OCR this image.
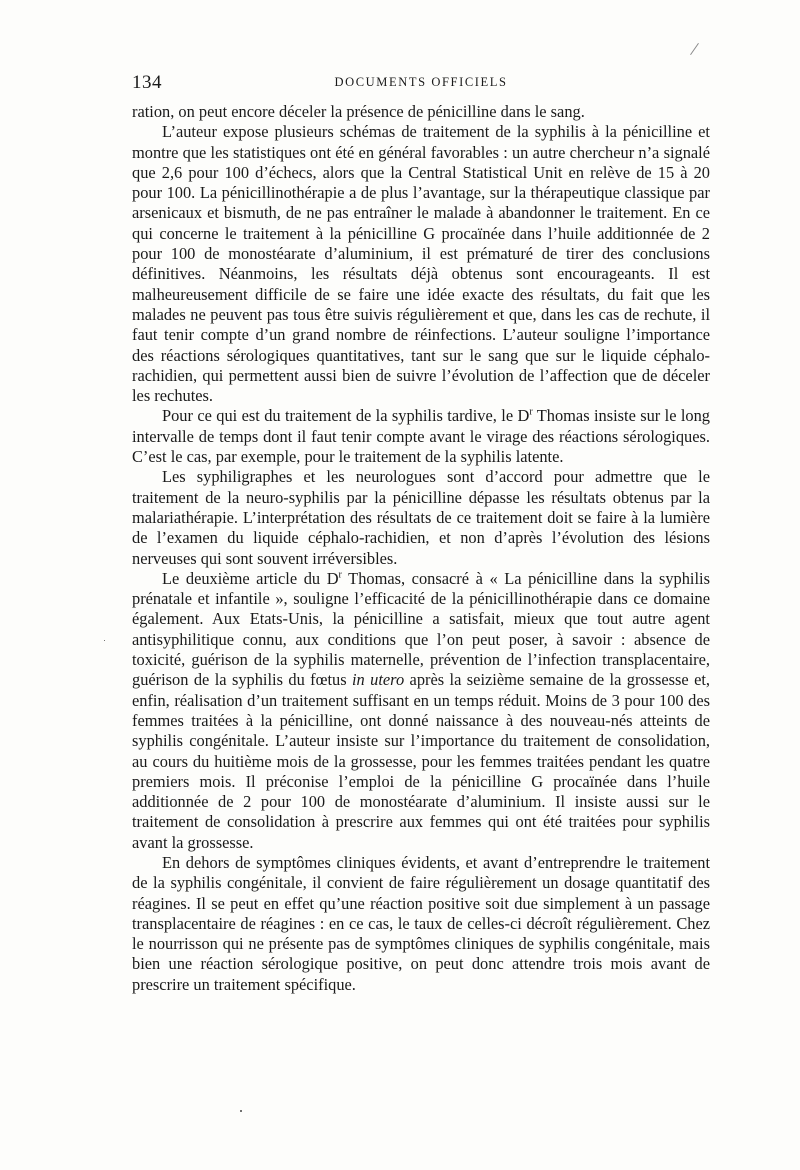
134	DOCUMENTS OFFICIELS

ration, on peut encore déceler la présence de pénicilline dans le sang.

L’auteur expose plusieurs schémas de traitement de la syphilis à la pénicilline et montre que les statistiques ont été en général favorables : un autre chercheur n’a signalé que 2,6 pour 100 d’échecs, alors que la Central Statistical Unit en relève de 15 à 20 pour 100. La pénicillinothérapie a de plus l’avantage, sur la thérapeutique classique par arsenicaux et bismuth, de ne pas entraîner le malade à abandonner le traitement. En ce qui concerne le traitement à la pénicilline G procaïnée dans l’huile additionnée de 2 pour 100 de monostéarate d’aluminium, il est prématuré de tirer des conclusions définitives. Néanmoins, les résultats déjà obtenus sont encourageants. Il est malheureusement difficile de se faire une idée exacte des résultats, du fait que les malades ne peuvent pas tous être suivis régulièrement et que, dans les cas de rechute, il faut tenir compte d’un grand nombre de réinfections. L’auteur souligne l’importance des réactions sérologiques quantitatives, tant sur le sang que sur le liquide céphalo-rachidien, qui permettent aussi bien de suivre l’évolution de l’affection que de déceler les rechutes.

Pour ce qui est du traitement de la syphilis tardive, le $D^r$ Thomas insiste sur le long intervalle de temps dont il faut tenir compte avant le virage des réactions sérologiques. C’est le cas, par exemple, pour le traitement de la syphilis latente.

Les syphiligraphes et les neurologues sont d’accord pour admettre que le traitement de la neuro-syphilis par la pénicilline dépasse les résultats obtenus par la malariathérapie. L’interprétation des résultats de ce traitement doit se faire à la lumière de l’examen du liquide céphalo-rachidien, et non d’après l’évolution des lésions nerveuses qui sont souvent irréversibles.

Le deuxième article du $D^r$ Thomas, consacré à « La pénicilline dans la syphilis prénatale et infantile », souligne l’efficacité de la pénicillinothérapie dans ce domaine également. Aux Etats-Unis, la pénicilline a satisfait, mieux que tout autre agent antisyphilitique connu, aux conditions que l’on peut poser, à savoir : absence de toxicité, guérison de la syphilis maternelle, prévention de l’infection transplacentaire, guérison de la syphilis du fœtus in utero après la seizième semaine de la grossesse et, enfin, réalisation d’un traitement suffisant en un temps réduit. Moins de 3 pour 100 des femmes traitées à la pénicilline, ont donné naissance à des nouveau-nés atteints de syphilis congénitale. L’auteur insiste sur l’importance du traitement de consolidation, au cours du huitième mois de la grossesse, pour les femmes traitées pendant les quatre premiers mois. Il préconise l’emploi de la pénicilline G procaïnée dans l’huile additionnée de 2 pour 100 de monostéarate d’aluminium. Il insiste aussi sur le traitement de consolidation à prescrire aux femmes qui ont été traitées pour syphilis avant la grossesse.

En dehors de symptômes cliniques évidents, et avant d’entreprendre le traitement de la syphilis congénitale, il convient de faire régulièrement un dosage quantitatif des réagines. Il se peut en effet qu’une réaction positive soit due simplement à un passage transplacentaire de réagines : en ce cas, le taux de celles-ci décroît régulièrement. Chez le nourrisson qui ne présente pas de symptômes cliniques de syphilis congénitale, mais bien une réaction sérologique positive, on peut donc attendre trois mois avant de prescrire un traitement spécifique.
